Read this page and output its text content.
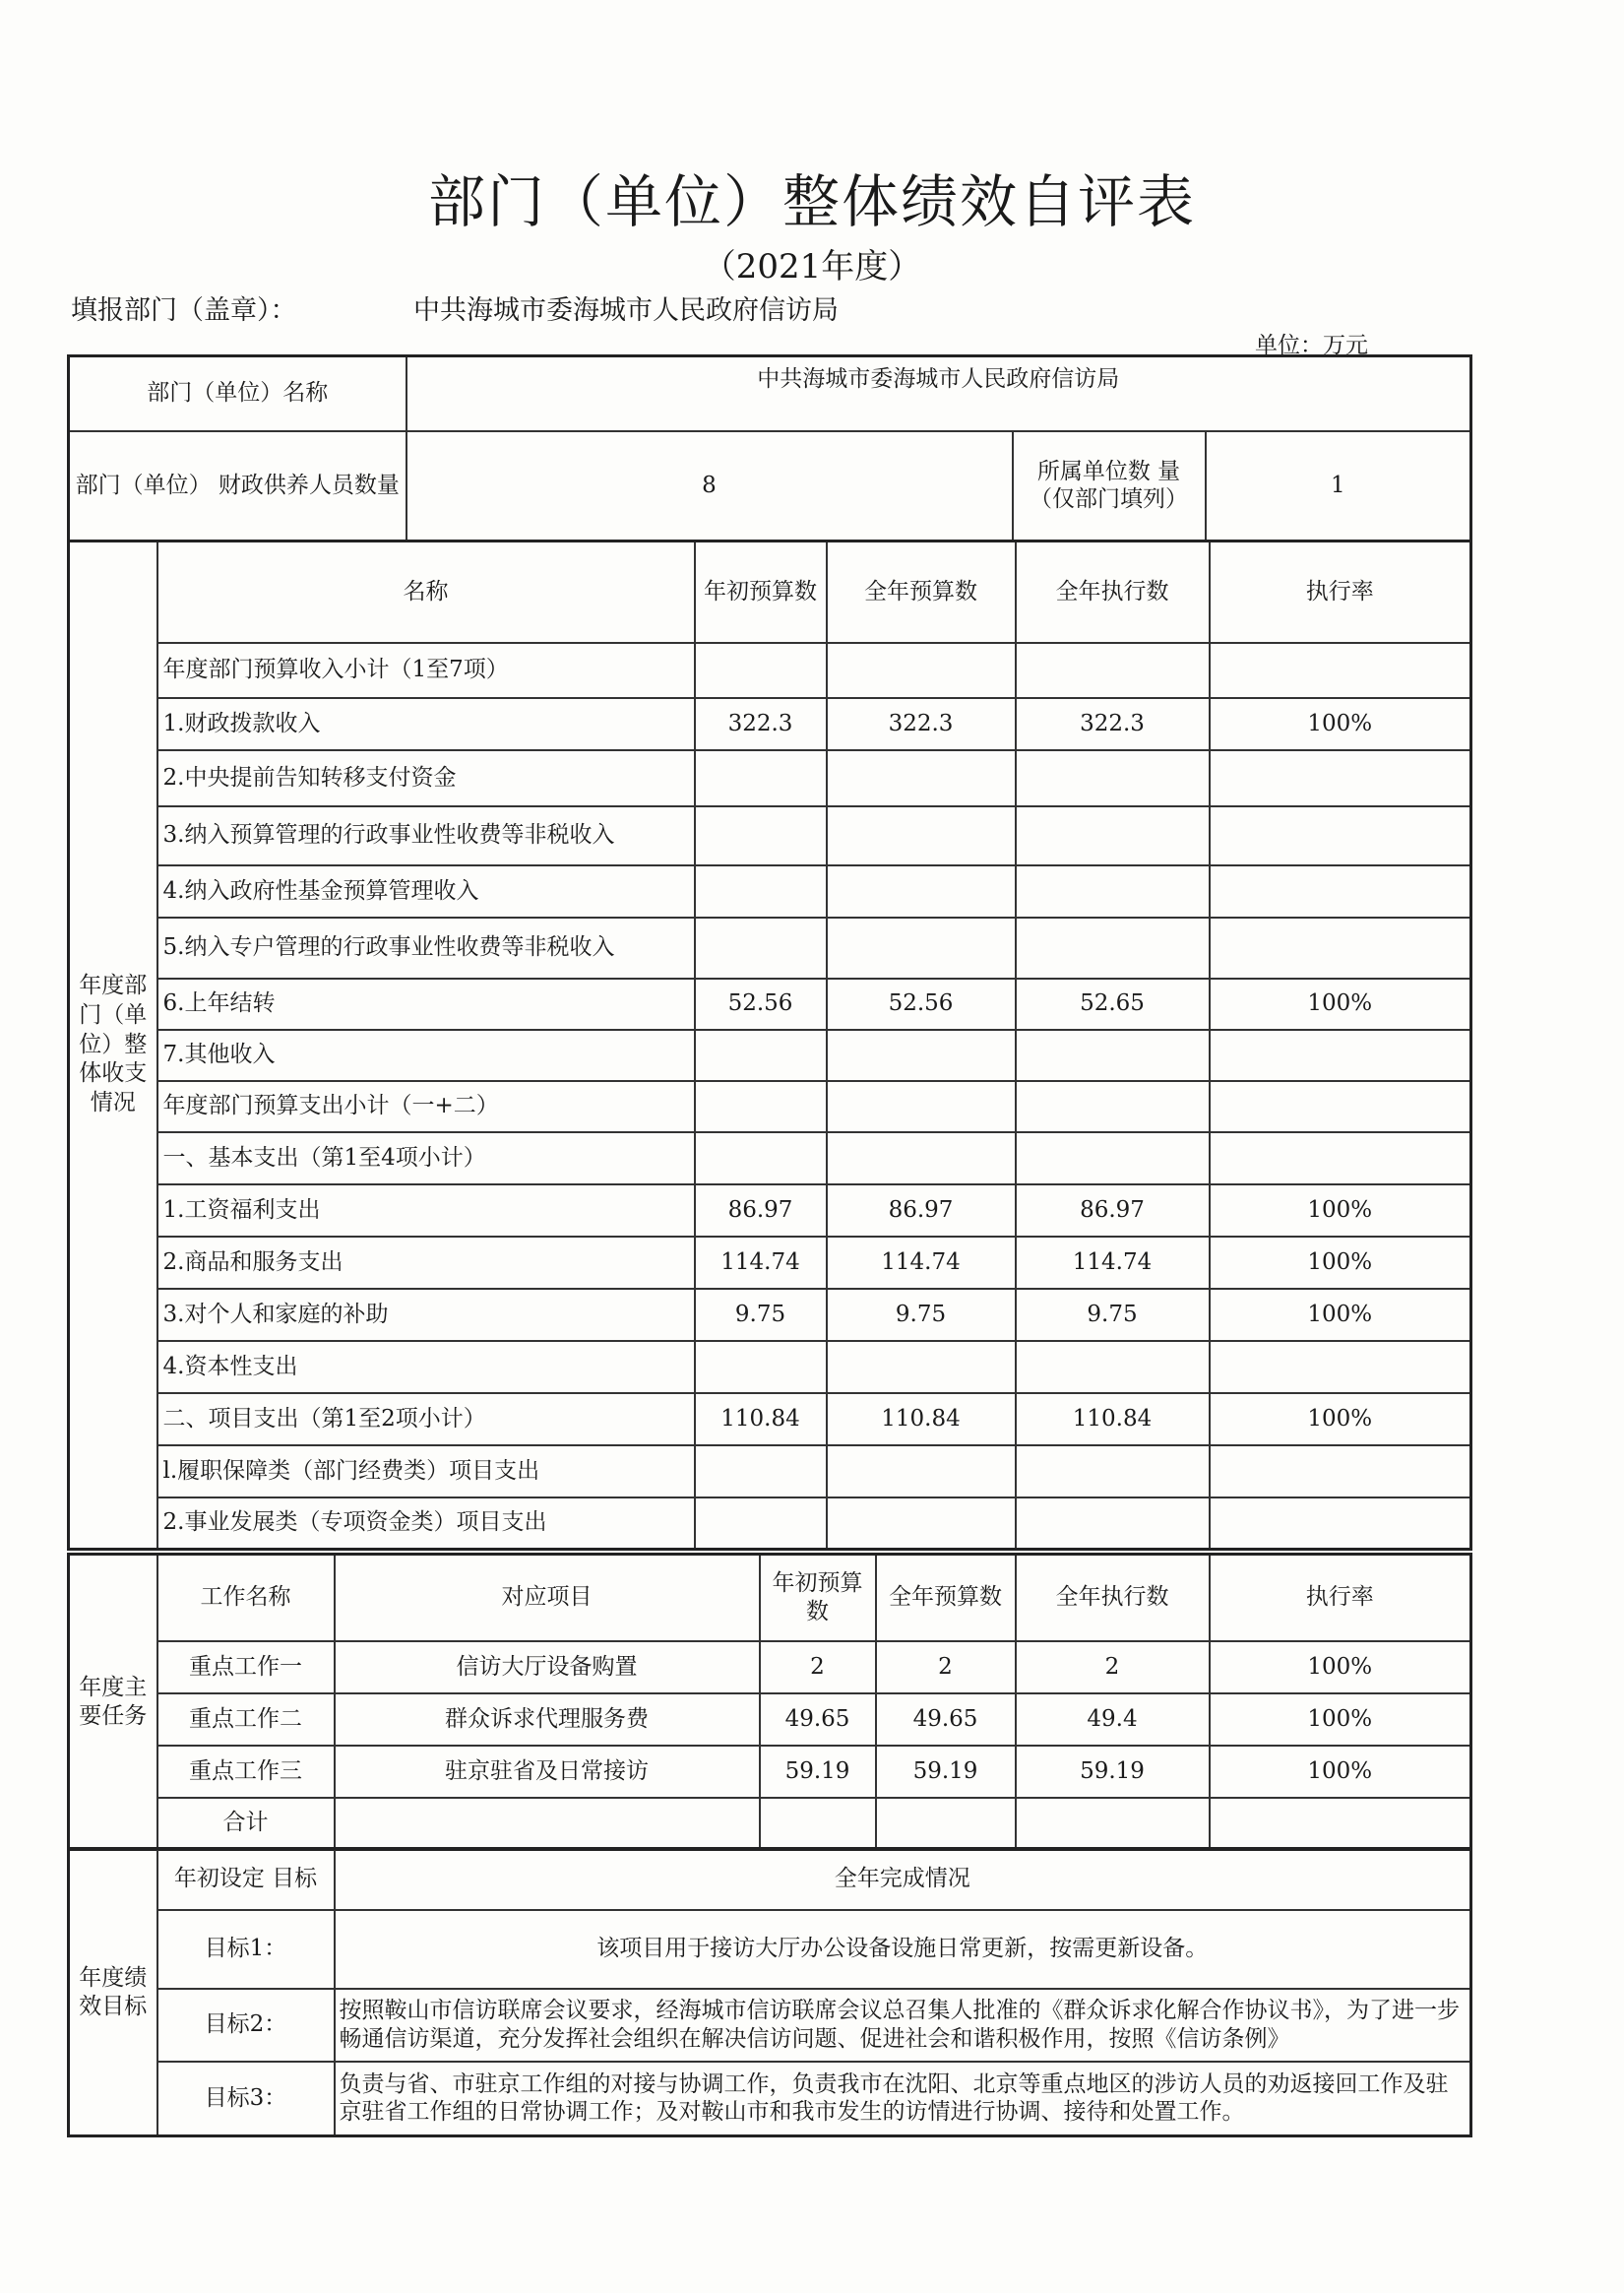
部门（单位）整体绩效自评表
（2021年度）
填报部门（盖章）：	中共海城市委海城市人民政府信访局
单位：万元
部门（单位）名称	中共海城市委海城市人民政府信访局		
部门（单位） 财政供养人员数量	8	所属单位数 量（仅部门填列）	1
年度部门（单位）整体收支情况	名称	年初预算数	全年预算数	全年执行数	执行率
	年度部门预算收入小计（1至7项）				
	1.财政拨款收入	322.3	322.3	322.3	100%
	2.中央提前告知转移支付资金				
	3.纳入预算管理的行政事业性收费等非税收入				
	4.纳入政府性基金预算管理收入				
	5.纳入专户管理的行政事业性收费等非税收入				
	6.上年结转	52.56	52.56	52.65	100%
	7.其他收入				
	年度部门预算支出小计（一+二）				
	一、基本支出（第1至4项小计）				
	1.工资福利支出	86.97	86.97	86.97	100%
	2.商品和服务支出	114.74	114.74	114.74	100%
	3.对个人和家庭的补助	9.75	9.75	9.75	100%
	4.资本性支出				
	二、项目支出（第1至2项小计）	110.84	110.84	110.84	100%
	l.履职保障类（部门经费类）项目支出				
	2.事业发展类（专项资金类）项目支出				
年度主要任务	工作名称	对应项目	年初预算数	全年预算数	全年执行数	执行率
	重点工作一	信访大厅设备购置	2	2	2	100%
	重点工作二	群众诉求代理服务费	49.65	49.65	49.4	100%
	重点工作三	驻京驻省及日常接访	59.19	59.19	59.19	100%
	合计					
年度绩效目标	年初设定 目标	全年完成情况
	目标1：	该项目用于接访大厅办公设备设施日常更新，按需更新设备。
	目标2：	按照鞍山市信访联席会议要求，经海城市信访联席会议总召集人批准的《群众诉求化解合作协议书》，为了进一步畅通信访渠道，充分发挥社会组织在解决信访问题、促进社会和谐积极作用，按照《信访条例》
	目标3：	负责与省、市驻京工作组的对接与协调工作，负责我市在沈阳、北京等重点地区的涉访人员的劝返接回工作及驻京驻省工作组的日常协调工作；及对鞍山市和我市发生的访情进行协调、接待和处置工作。
